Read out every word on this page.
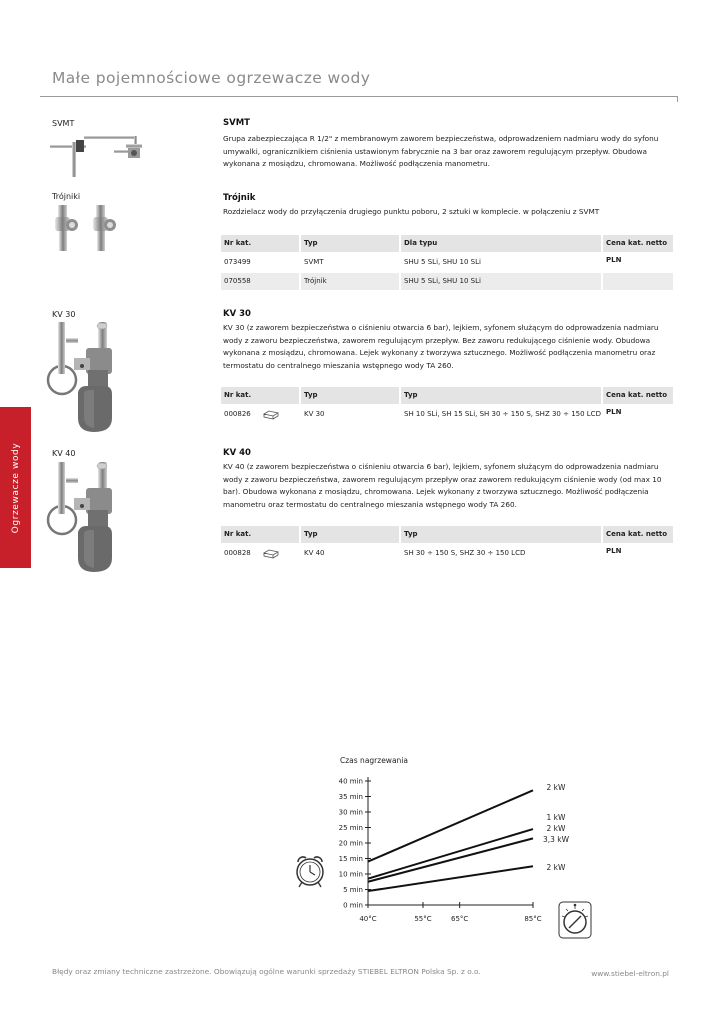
Małe pojemnościowe ogrzewacze wody
Ogrzewacze wody
SVMT	SVMT
Grupa zabezpieczająca R 1/2" z membranowym zaworem bezpieczeństwa, odprowadzeniem nadmiaru wody do syfonu umywalki, ogranicznikiem ciśnienia ustawionym fabrycznie na 3 bar oraz zaworem regulującym przepływ. Obudowa wykonana z mosiądzu, chromowana. Możliwość podłączenia manometru.
Trójniki	Trójnik
Rozdzielacz wody do przyłączenia drugiego punktu poboru, 2 sztuki w komplecie. w połączeniu z SVMT
Nr kat.	Typ	Dla typu	Cena kat. netto PLN
073499	SVMT	SHU 5 SLi, SHU 10 SLi
070558	Trójnik	SHU 5 SLi, SHU 10 SLi
KV 30	KV 30
KV 30 (z zaworem bezpieczeństwa o ciśnieniu otwarcia 6 bar), lejkiem, syfonem służącym do odprowadzenia nadmiaru wody z zaworu bezpieczeństwa, zaworem regulującym przepływ. Bez zaworu redukującego ciśnienie wody. Obudowa wykonana z mosiądzu, chromowana. Lejek wykonany z tworzywa sztucznego. Możliwość podłączenia manometru oraz termostatu do centralnego mieszania wstępnego wody TA 260.
Nr kat.	Typ	Typ	Cena kat. netto PLN
000826	KV 30	SH 10 SLi, SH 15 SLi, SH 30 ÷ 150 S, SHZ 30 ÷ 150 LCD
KV 40	KV 40
KV 40 (z zaworem bezpieczeństwa o ciśnieniu otwarcia 6 bar), lejkiem, syfonem służącym do odprowadzenia nadmiaru wody z zaworu bezpieczeństwa, zaworem regulującym przepływ oraz zaworem redukującym ciśnienie wody (od max 10 bar). Obudowa wykonana z mosiądzu, chromowana. Lejek wykonany z tworzywa sztucznego. Możliwość podłączenia manometru oraz termostatu do centralnego mieszania wstępnego wody TA 260.
Nr kat.	Typ	Typ	Cena kat. netto PLN
000828	KV 40	SH 30 ÷ 150 S, SHZ 30 ÷ 150 LCD
Czas nagrzewania
0 min
5 min
10 min
15 min
20 min
25 min
30 min
35 min
40 min
40°C	55°C	65°C	85°C
2 kW
1 kW
2 kW
3,3 kW
2 kW
Błędy oraz zmiany techniczne zastrzeżone. Obowiązują ogólne warunki sprzedaży STIEBEL ELTRON Polska Sp. z o.o.	www.stiebel-eltron.pl
